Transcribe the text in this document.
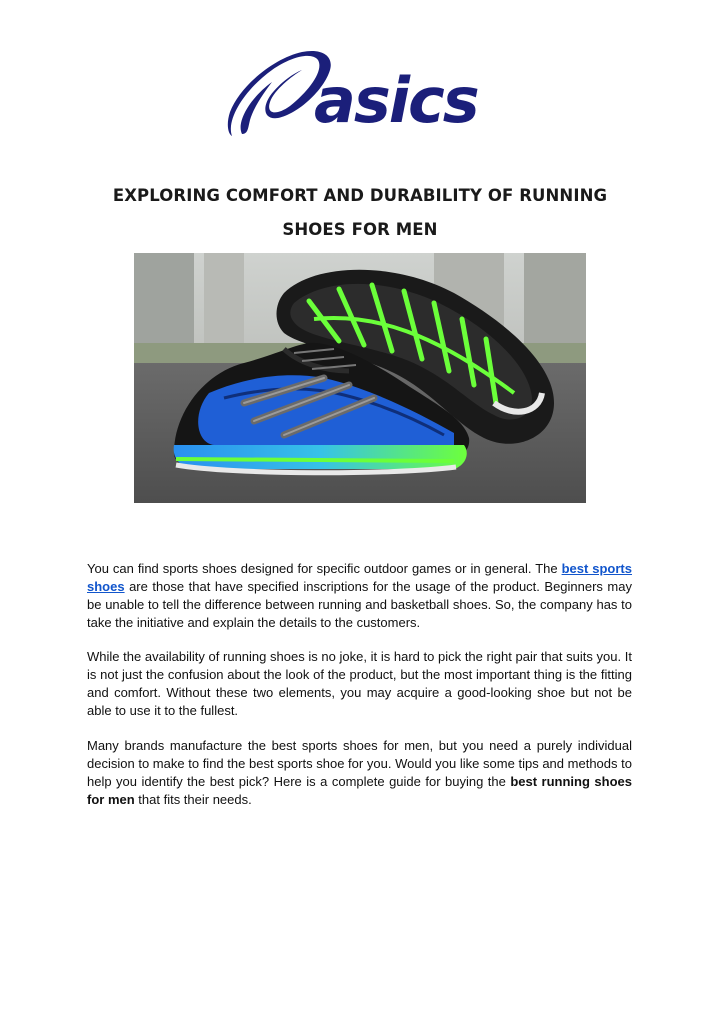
asics
EXPLORING COMFORT AND DURABILITY OF RUNNING
SHOES FOR MEN
You can find sports shoes designed for specific outdoor games or in general. The best sports shoes are those that have specified inscriptions for the usage of the product. Beginners may be unable to tell the difference between running and basketball shoes. So, the company has to take the initiative and explain the details to the customers.
While the availability of running shoes is no joke, it is hard to pick the right pair that suits you. It is not just the confusion about the look of the product, but the most important thing is the fitting and comfort. Without these two elements, you may acquire a good-looking shoe but not be able to use it to the fullest.
Many brands manufacture the best sports shoes for men, but you need a purely individual decision to make to find the best sports shoe for you. Would you like some tips and methods to help you identify the best pick? Here is a complete guide for buying the best running shoes for men that fits their needs.
